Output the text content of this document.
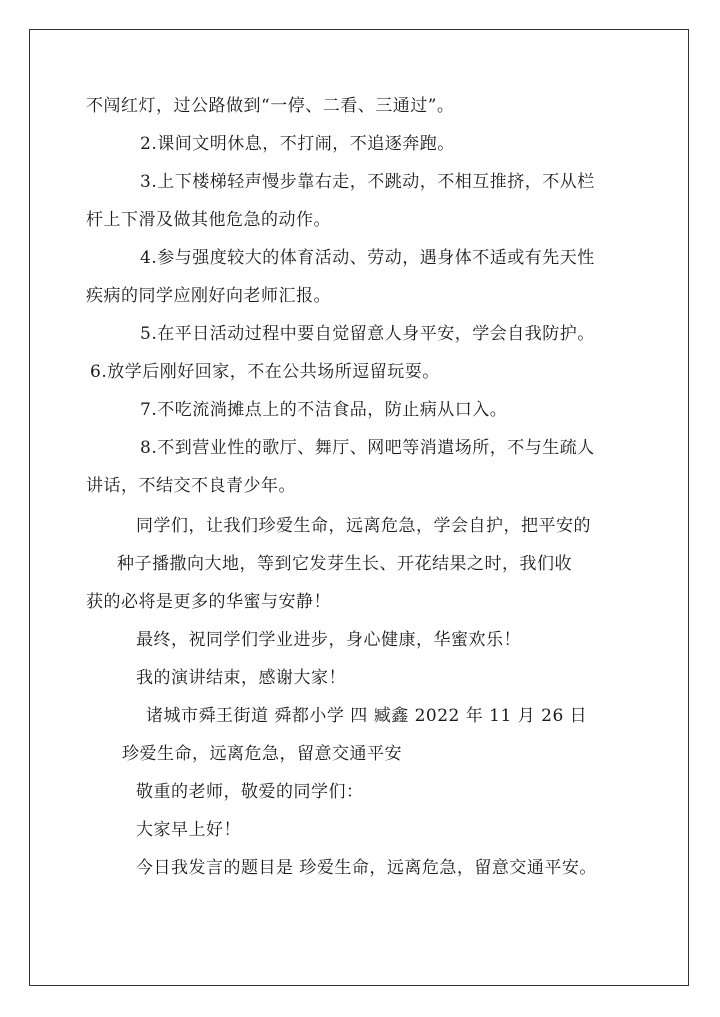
不闯红灯，过公路做到“一停、二看、三通过”。
2.课间文明休息，不打闹，不追逐奔跑。
3.上下楼梯轻声慢步靠右走，不跳动，不相互推挤，不从栏
杆上下滑及做其他危急的动作。
4.参与强度较大的体育活动、劳动，遇身体不适或有先天性
疾病的同学应刚好向老师汇报。
5.在平日活动过程中要自觉留意人身平安，学会自我防护。
6.放学后刚好回家，不在公共场所逗留玩耍。
7.不吃流淌摊点上的不洁食品，防止病从口入。
8.不到营业性的歌厅、舞厅、网吧等消遣场所，不与生疏人
讲话，不结交不良青少年。
同学们，让我们珍爱生命，远离危急，学会自护，把平安的
种子播撒向大地，等到它发芽生长、开花结果之时，我们收
获的必将是更多的华蜜与安静！
最终，祝同学们学业进步，身心健康，华蜜欢乐！
我的演讲结束，感谢大家！
诸城市舜王街道 舜都小学 四 臧鑫 2022 年 11 月 26 日
珍爱生命，远离危急，留意交通平安
敬重的老师，敬爱的同学们：
大家早上好！
今日我发言的题目是 珍爱生命，远离危急，留意交通平安。
